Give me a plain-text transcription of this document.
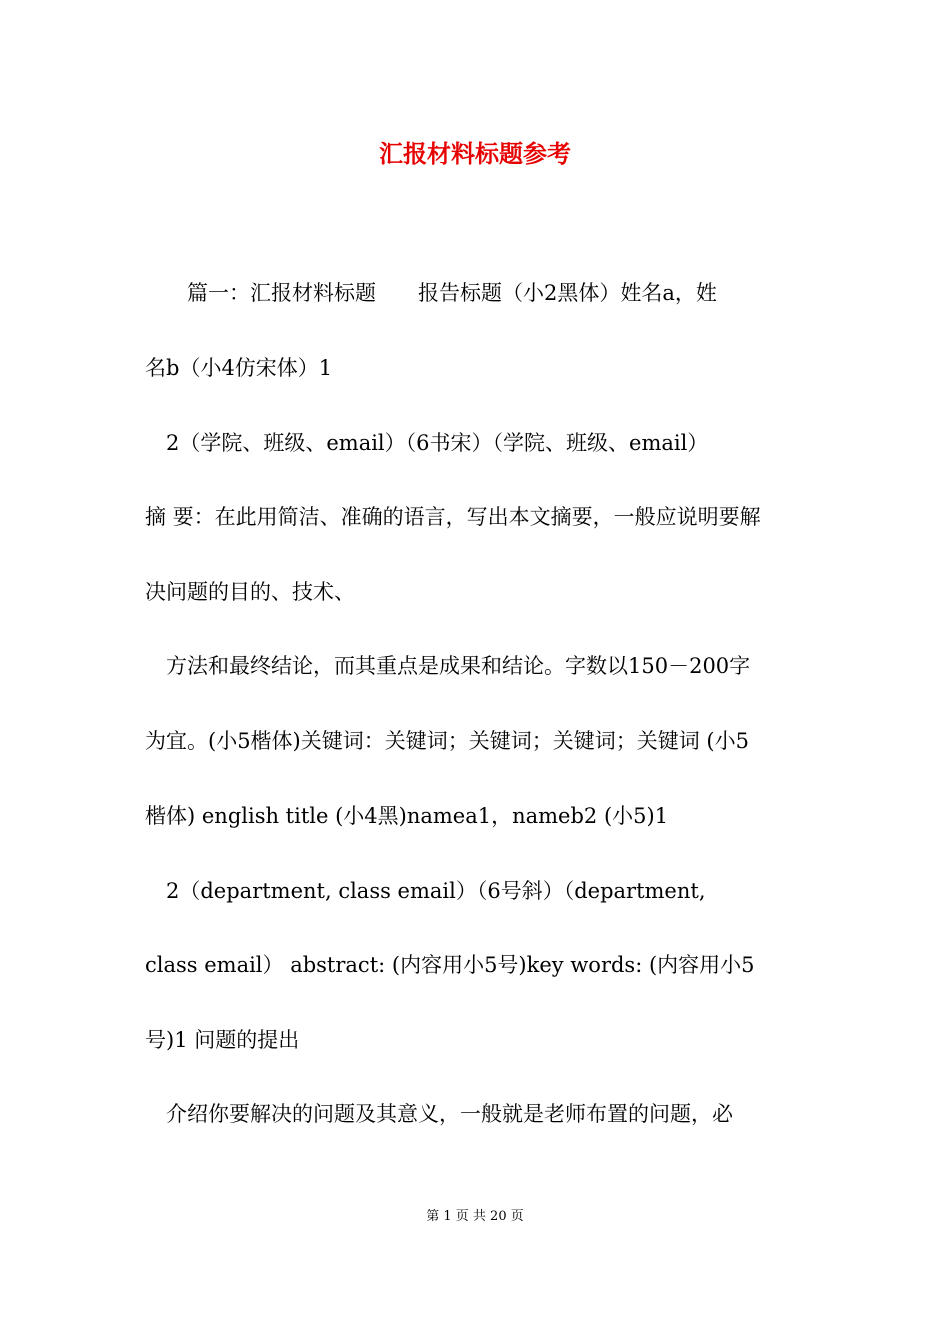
汇报材料标题参考
　　篇一：汇报材料标题　　报告标题（小2黑体）姓名a，姓
名b（小4仿宋体）1
　2（学院、班级、email）（6书宋）（学院、班级、email）
摘 要：在此用简洁、准确的语言，写出本文摘要，一般应说明要解
决问题的目的、技术、
　方法和最终结论，而其重点是成果和结论。字数以150－200字
为宜。(小5楷体)关键词：关键词；关键词；关键词；关键词 (小5
楷体) english title (小4黑)namea1，nameb2 (小5)1
　2（department, class email）（6号斜）（department,
class email） abstract: (内容用小5号)key words: (内容用小5
号)1 问题的提出
　介绍你要解决的问题及其意义，一般就是老师布置的问题，必
第 1 页 共 20 页
